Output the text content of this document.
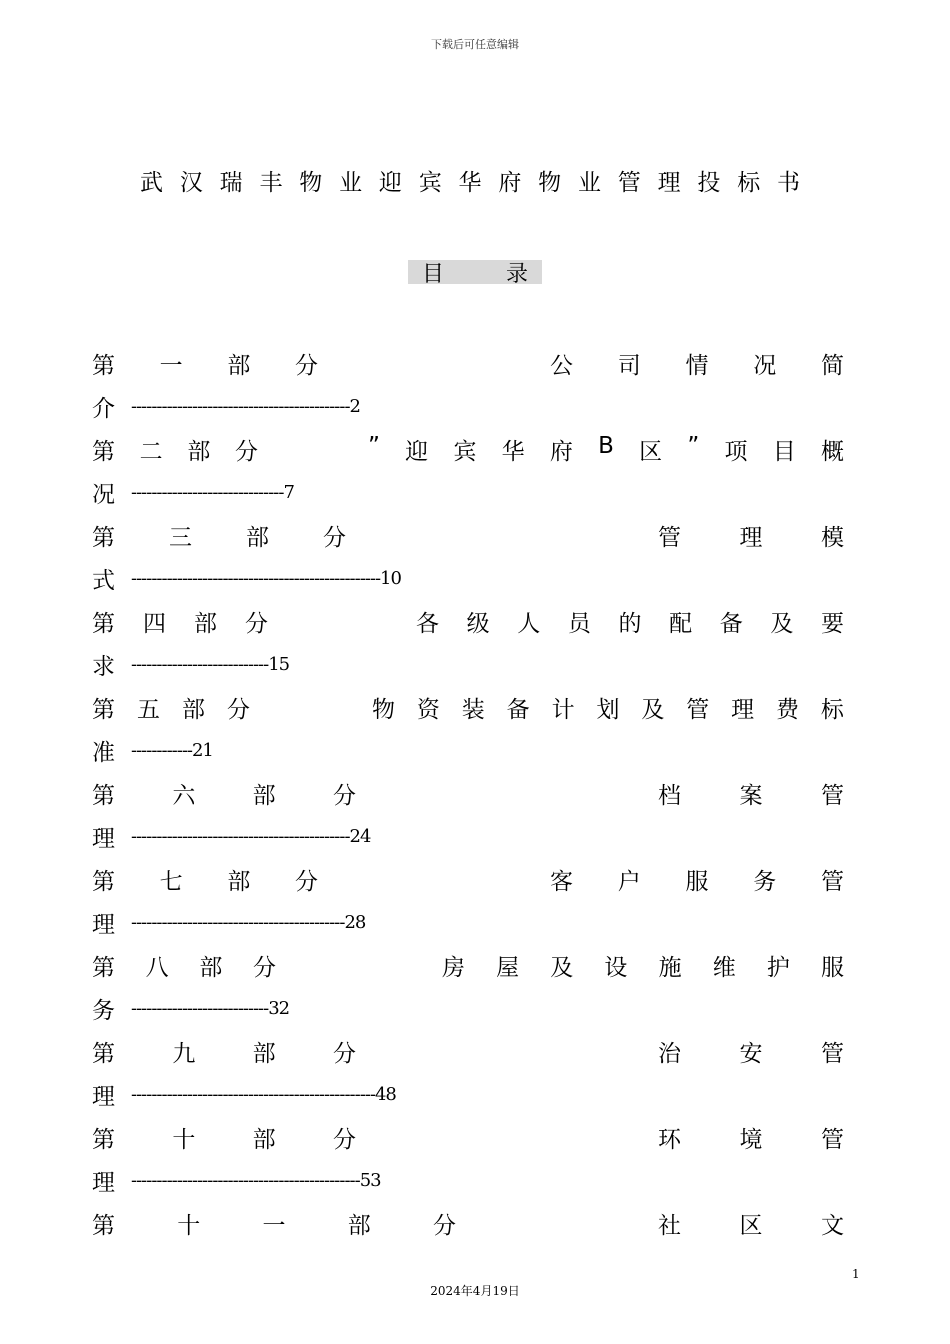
下载后可任意编辑
武 汉 瑞 丰 物 业 迎 宾 华 府 物 业 管 理 投 标 书
目	录
第 一 部 分	公 司 情 况 简
介 -------------------------------------------2
第 二 部 分	” 迎 宾 华 府 B 区 ” 项 目 概
况 ------------------------------7
第 三 部 分	管	理	模
式 -------------------------------------------------10
第 四 部 分	各 级 人 员 的 配 备 及 要
求 ---------------------------15
第 五 部 分	物 资 装 备 计 划 及 管 理 费 标
准 ------------21
第 六 部 分	档	案	管
理 -------------------------------------------24
第 七 部 分	客 户 服 务 管
理 ------------------------------------------28
第 八 部 分	房 屋 及 设 施 维 护 服
务 ---------------------------32
第 九 部 分	治	安	管
理 ------------------------------------------------48
第 十 部 分	环	境	管
理 ---------------------------------------------53
第	十	一	部	分	社	区	文
1
2024年4月19日
